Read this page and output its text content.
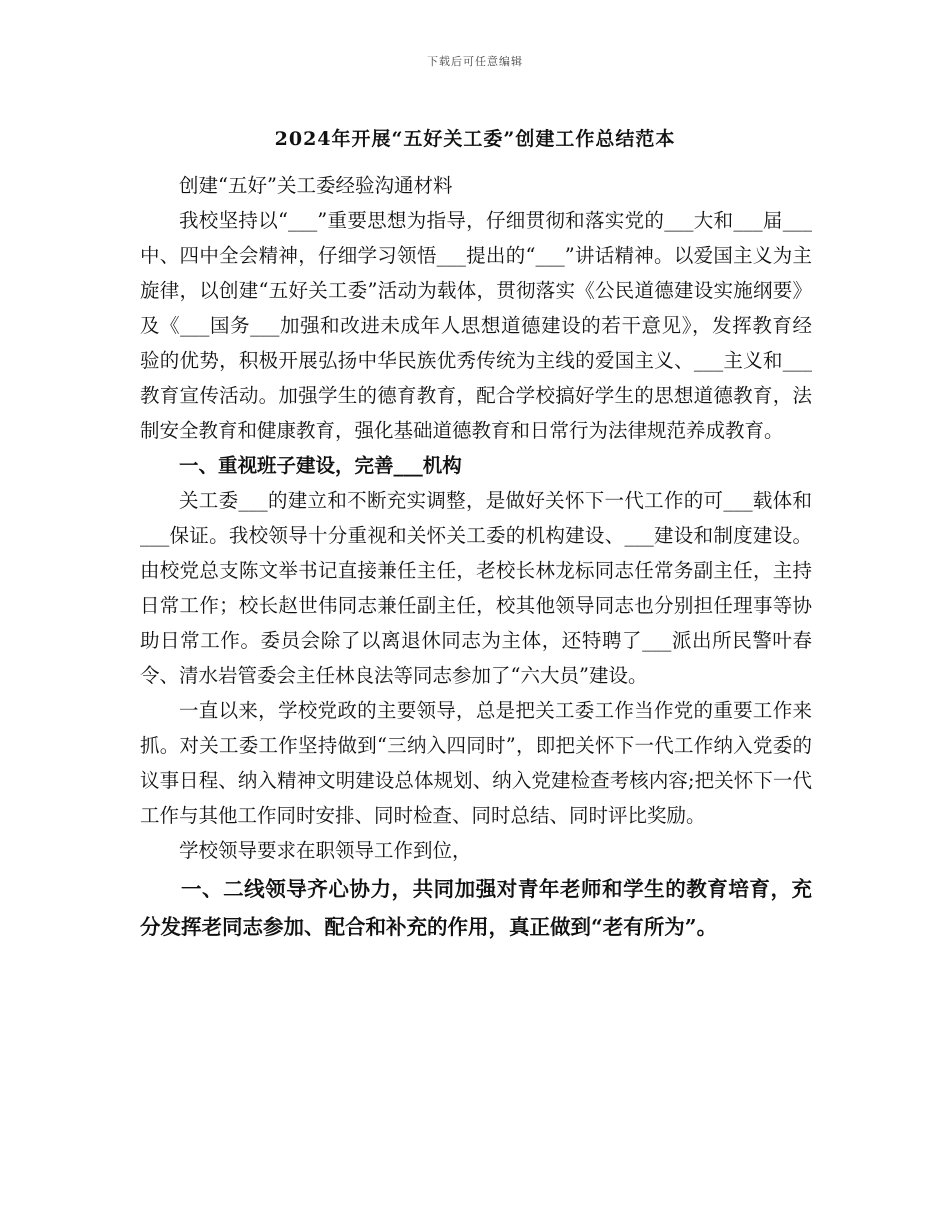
下载后可任意编辑
2024年开展“五好关工委”创建工作总结范本

创建“五好”关工委经验沟通材料

我校坚持以“___”重要思想为指导，仔细贯彻和落实党的___大和___届___中、四中全会精神，仔细学习领悟___提出的“___”讲话精神。以爱国主义为主旋律，以创建“五好关工委”活动为载体，贯彻落实《公民道德建设实施纲要》及《___国务___加强和改进未成年人思想道德建设的若干意见》，发挥教育经验的优势，积极开展弘扬中华民族优秀传统为主线的爱国主义、___主义和___教育宣传活动。加强学生的德育教育，配合学校搞好学生的思想道德教育，法制安全教育和健康教育，强化基础道德教育和日常行为法律规范养成教育。

一、重视班子建设，完善___机构

关工委___的建立和不断充实调整，是做好关怀下一代工作的可___载体和___保证。我校领导十分重视和关怀关工委的机构建设、___建设和制度建设。由校党总支陈文举书记直接兼任主任，老校长林龙标同志任常务副主任，主持日常工作；校长赵世伟同志兼任副主任，校其他领导同志也分别担任理事等协助日常工作。委员会除了以离退休同志为主体，还特聘了___派出所民警叶春令、清水岩管委会主任林良法等同志参加了“六大员”建设。

一直以来，学校党政的主要领导，总是把关工委工作当作党的重要工作来抓。对关工委工作坚持做到“三纳入四同时”，即把关怀下一代工作纳入党委的议事日程、纳入精神文明建设总体规划、纳入党建检查考核内容;把关怀下一代工作与其他工作同时安排、同时检查、同时总结、同时评比奖励。

学校领导要求在职领导工作到位，

一、二线领导齐心协力，共同加强对青年老师和学生的教育培育，充分发挥老同志参加、配合和补充的作用，真正做到“老有所为”。
